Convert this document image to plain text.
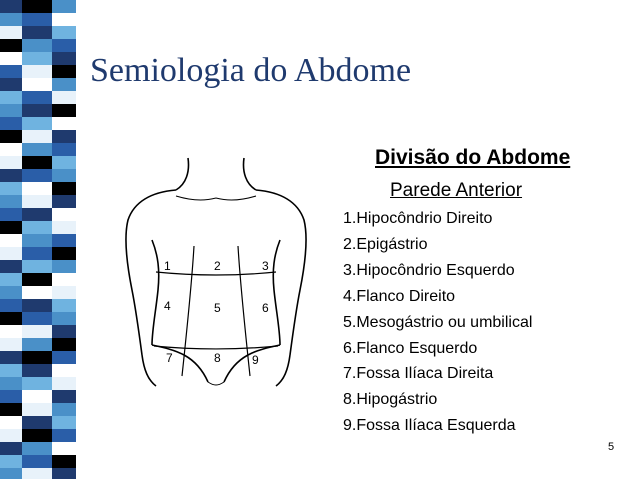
Semiologia do Abdome
Divisão do Abdome
Parede Anterior
1.Hipocôndrio Direito
2.Epigástrio
3.Hipocôndrio Esquerdo
4.Flanco Direito
5.Mesogástrio ou umbilical
6.Flanco Esquerdo
7.Fossa Ilíaca Direita
8.Hipogástrio
9.Fossa Ilíaca Esquerda
1	2	3
4	5	6
7	8	9
5
